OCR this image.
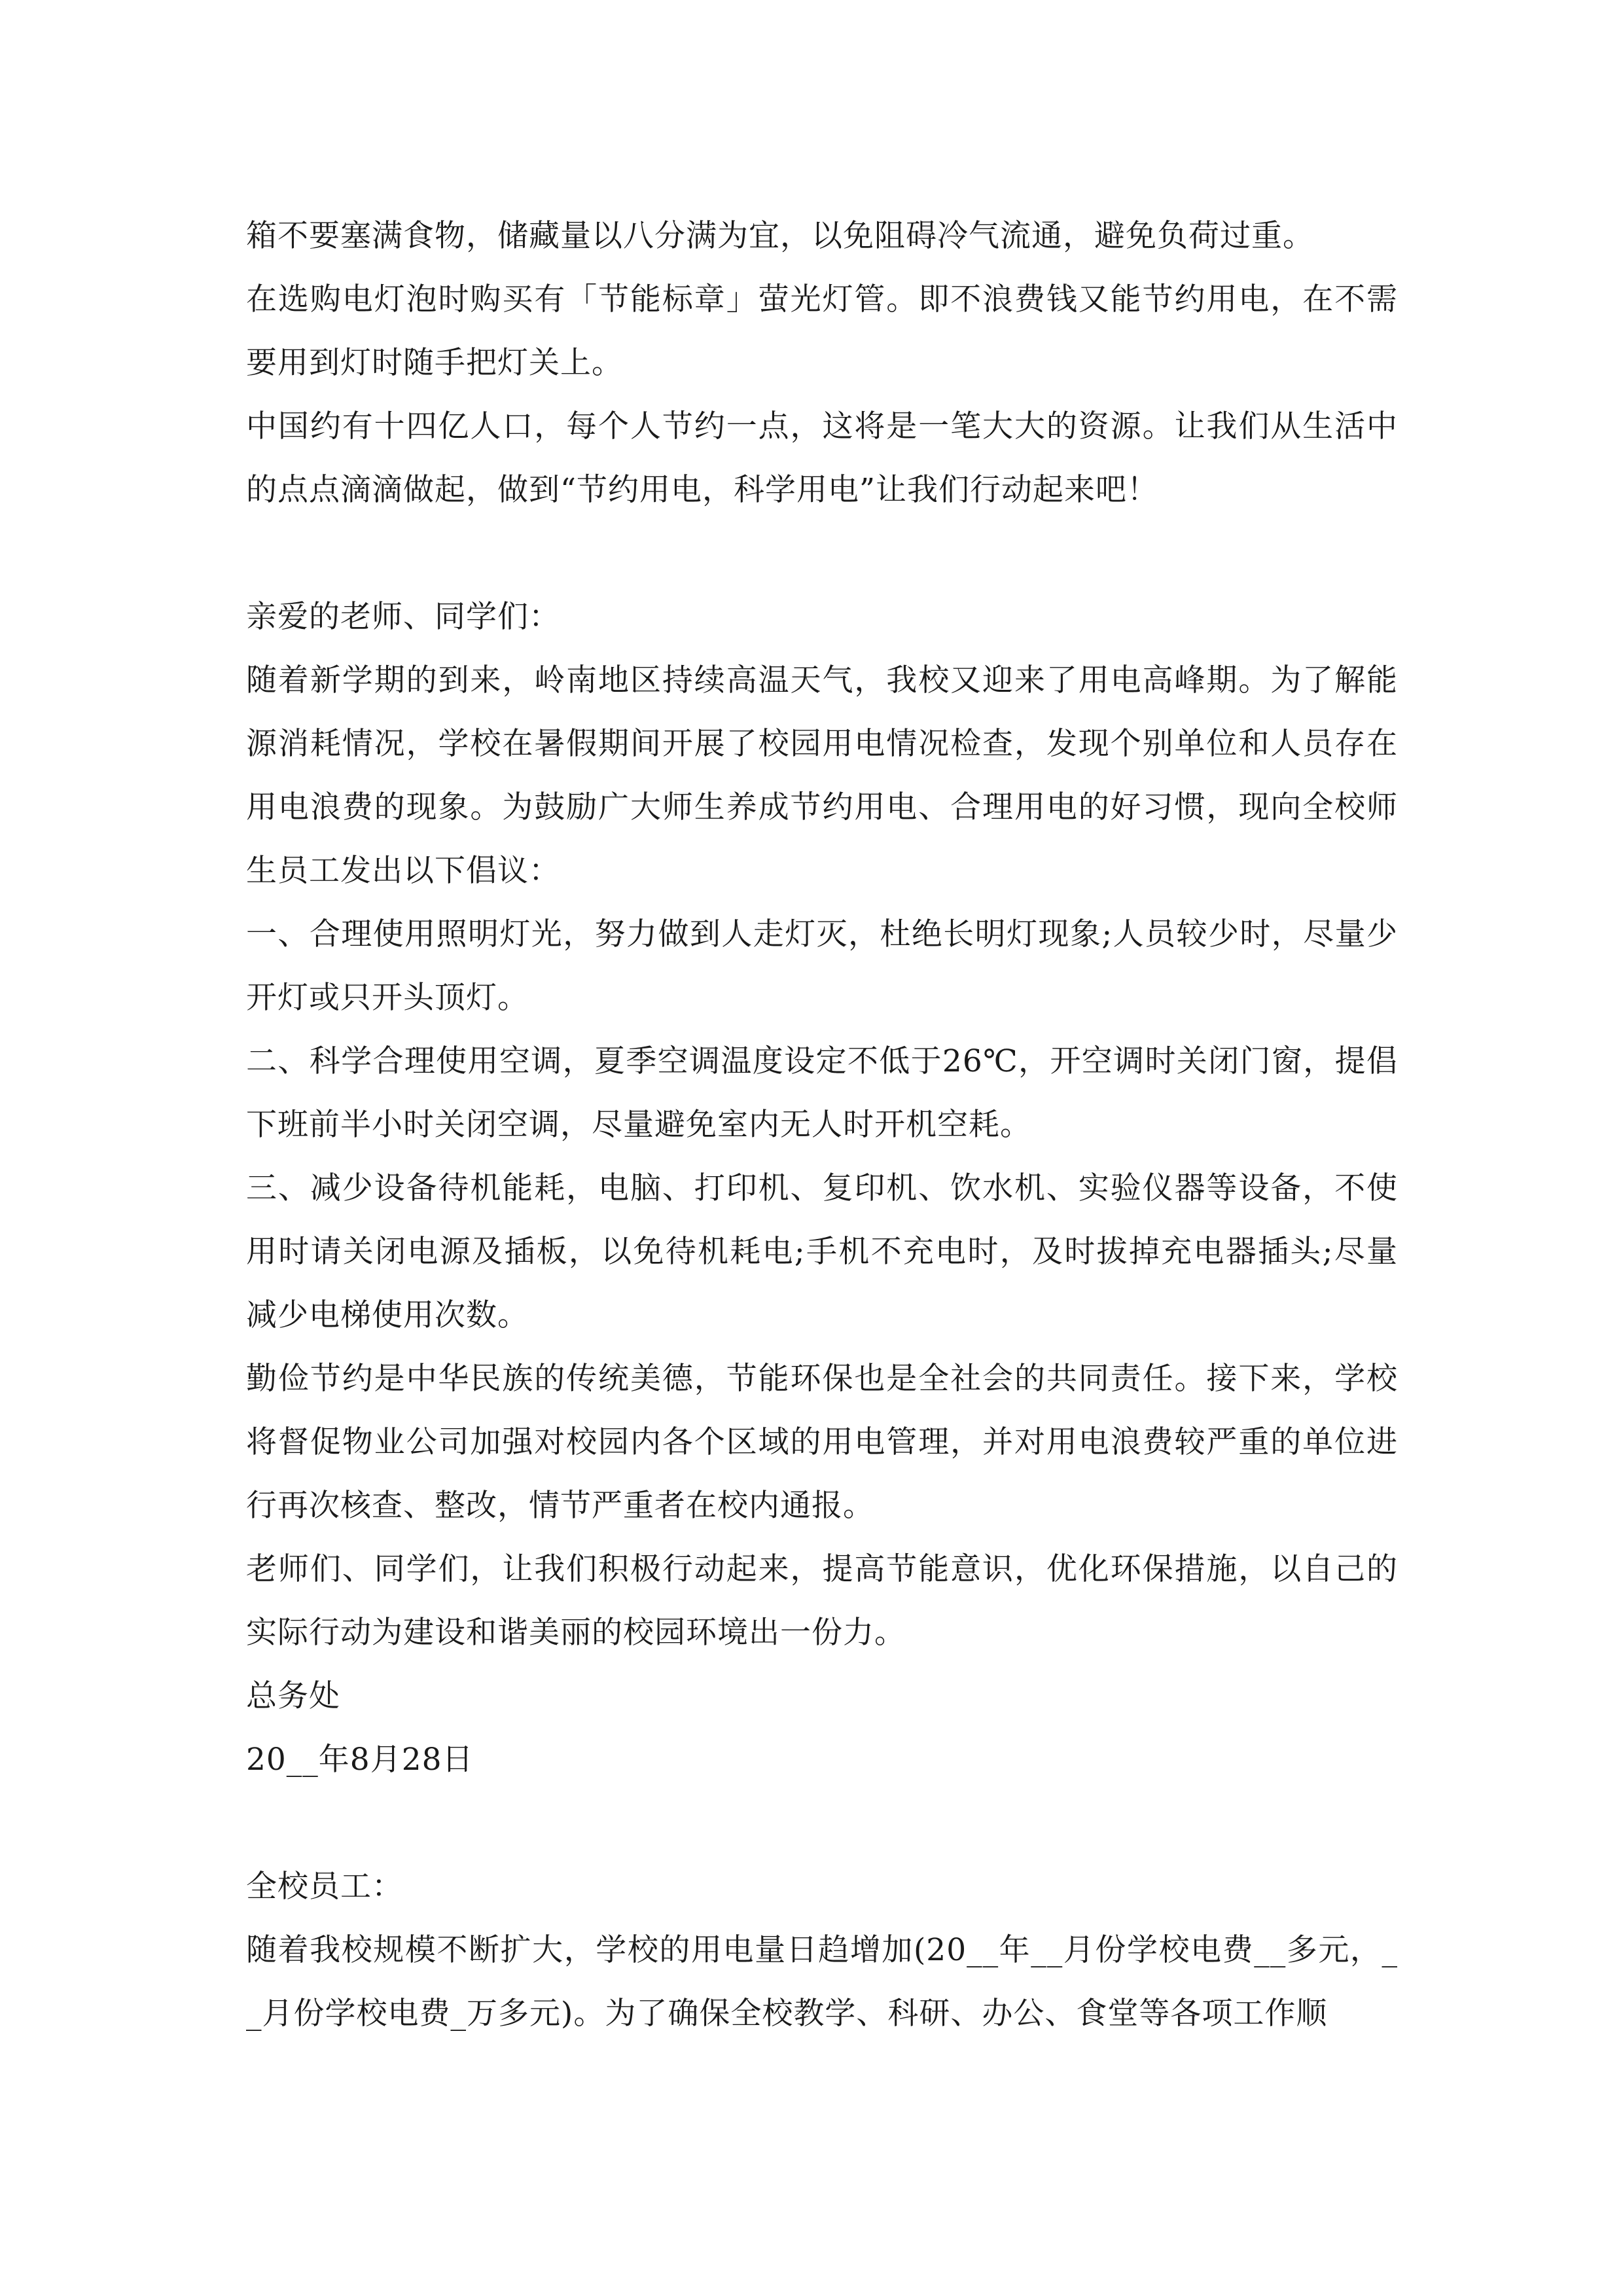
箱不要塞满食物，储藏量以八分满为宜，以免阻碍冷气流通，避免负荷过重。

在选购电灯泡时购买有「节能标章」萤光灯管。即不浪费钱又能节约用电，在不需要用到灯时随手把灯关上。

中国约有十四亿人口，每个人节约一点，这将是一笔大大的资源。让我们从生活中的点点滴滴做起，做到“节约用电，科学用电”让我们行动起来吧！

亲爱的老师、同学们：

随着新学期的到来，岭南地区持续高温天气，我校又迎来了用电高峰期。为了解能源消耗情况，学校在暑假期间开展了校园用电情况检查，发现个别单位和人员存在用电浪费的现象。为鼓励广大师生养成节约用电、合理用电的好习惯，现向全校师生员工发出以下倡议：

一、合理使用照明灯光，努力做到人走灯灭，杜绝长明灯现象;人员较少时，尽量少开灯或只开头顶灯。

二、科学合理使用空调，夏季空调温度设定不低于26℃，开空调时关闭门窗，提倡下班前半小时关闭空调，尽量避免室内无人时开机空耗。

三、减少设备待机能耗，电脑、打印机、复印机、饮水机、实验仪器等设备，不使用时请关闭电源及插板，以免待机耗电;手机不充电时，及时拔掉充电器插头;尽量减少电梯使用次数。

勤俭节约是中华民族的传统美德，节能环保也是全社会的共同责任。接下来，学校将督促物业公司加强对校园内各个区域的用电管理，并对用电浪费较严重的单位进行再次核查、整改，情节严重者在校内通报。

老师们、同学们，让我们积极行动起来，提高节能意识，优化环保措施，以自己的实际行动为建设和谐美丽的校园环境出一份力。

总务处

20__年8月28日

全校员工：

随着我校规模不断扩大，学校的用电量日趋增加(20__年__月份学校电费__多元，__月份学校电费_万多元)。为了确保全校教学、科研、办公、食堂等各项工作顺
